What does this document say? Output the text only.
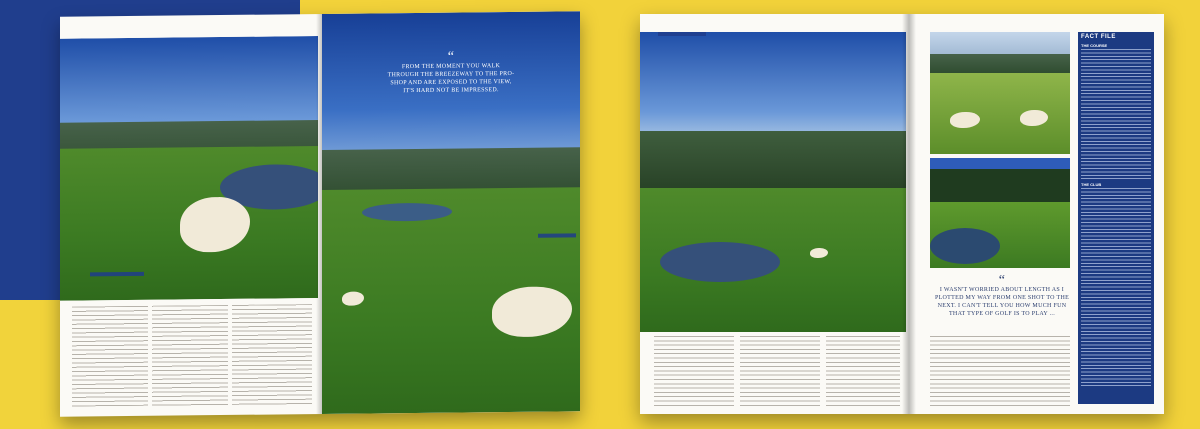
“
FROM THE MOMENT YOU WALK THROUGH THE BREEZEWAY TO THE PRO-SHOP AND ARE EXPOSED TO THE VIEW, IT'S HARD NOT BE IMPRESSED.
“
I WASN'T WORRIED ABOUT LENGTH AS I PLOTTED MY WAY FROM ONE SHOT TO THE NEXT. I CAN'T TELL YOU HOW MUCH FUN THAT TYPE OF GOLF IS TO PLAY ...
FACT FILE
THE COURSE

THE CLUB
